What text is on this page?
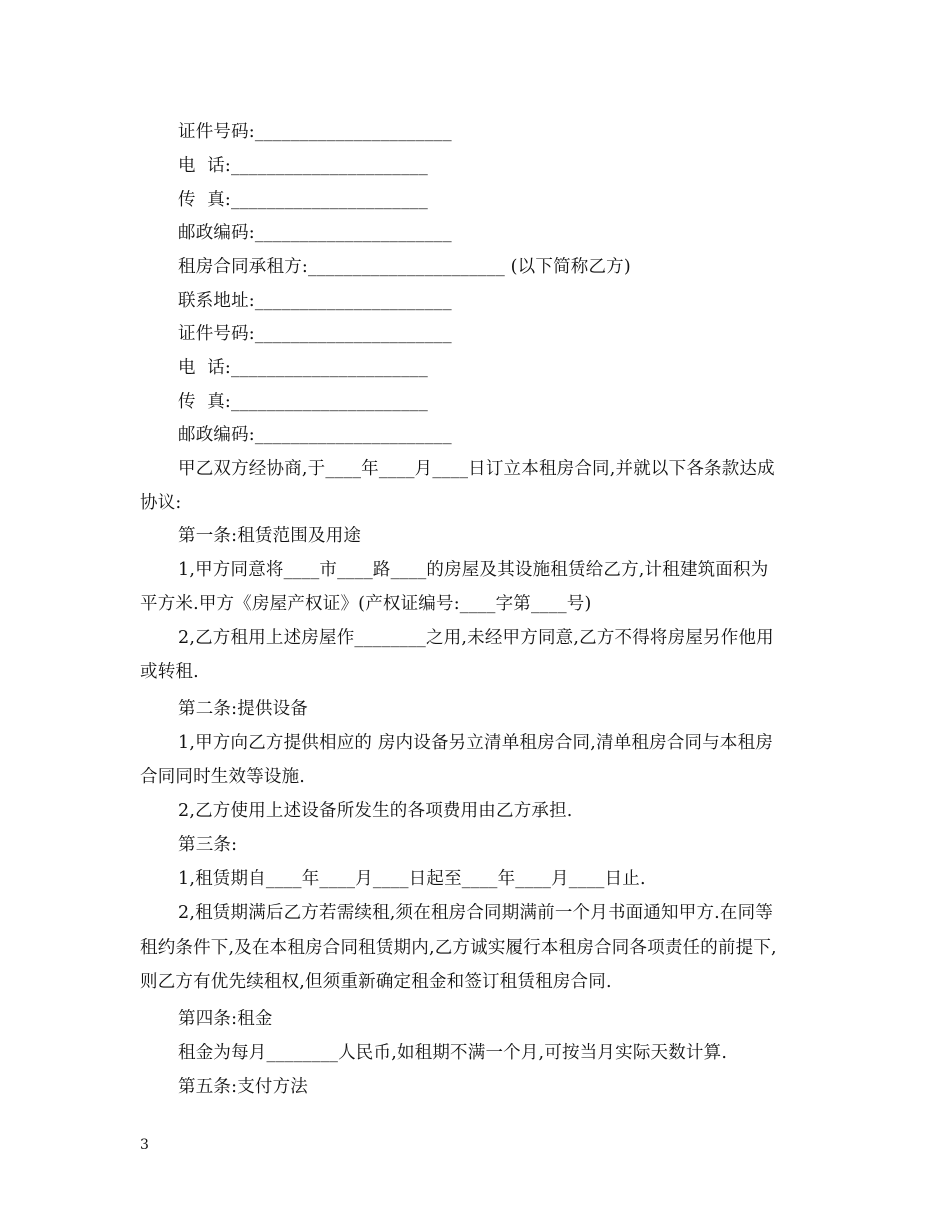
证件号码:______________________
电  话:______________________
传  真:______________________
邮政编码:______________________
租房合同承租方:______________________ (以下简称乙方)
联系地址:______________________
证件号码:______________________
电  话:______________________
传  真:______________________
邮政编码:______________________
甲乙双方经协商,于____年____月____日订立本租房合同,并就以下各条款达成
协议:
第一条:租赁范围及用途
1,甲方同意将____市____路____的房屋及其设施租赁给乙方,计租建筑面积为
平方米.甲方《房屋产权证》(产权证编号:____字第____号)
2,乙方租用上述房屋作________之用,未经甲方同意,乙方不得将房屋另作他用
或转租.
第二条:提供设备
1,甲方向乙方提供相应的 房内设备另立清单租房合同,清单租房合同与本租房
合同同时生效等设施.
2,乙方使用上述设备所发生的各项费用由乙方承担.
第三条:
1,租赁期自____年____月____日起至____年____月____日止.
2,租赁期满后乙方若需续租,须在租房合同期满前一个月书面通知甲方.在同等
租约条件下,及在本租房合同租赁期内,乙方诚实履行本租房合同各项责任的前提下,
则乙方有优先续租权,但须重新确定租金和签订租赁租房合同.
第四条:租金
租金为每月________人民币,如租期不满一个月,可按当月实际天数计算.
第五条:支付方法
3
